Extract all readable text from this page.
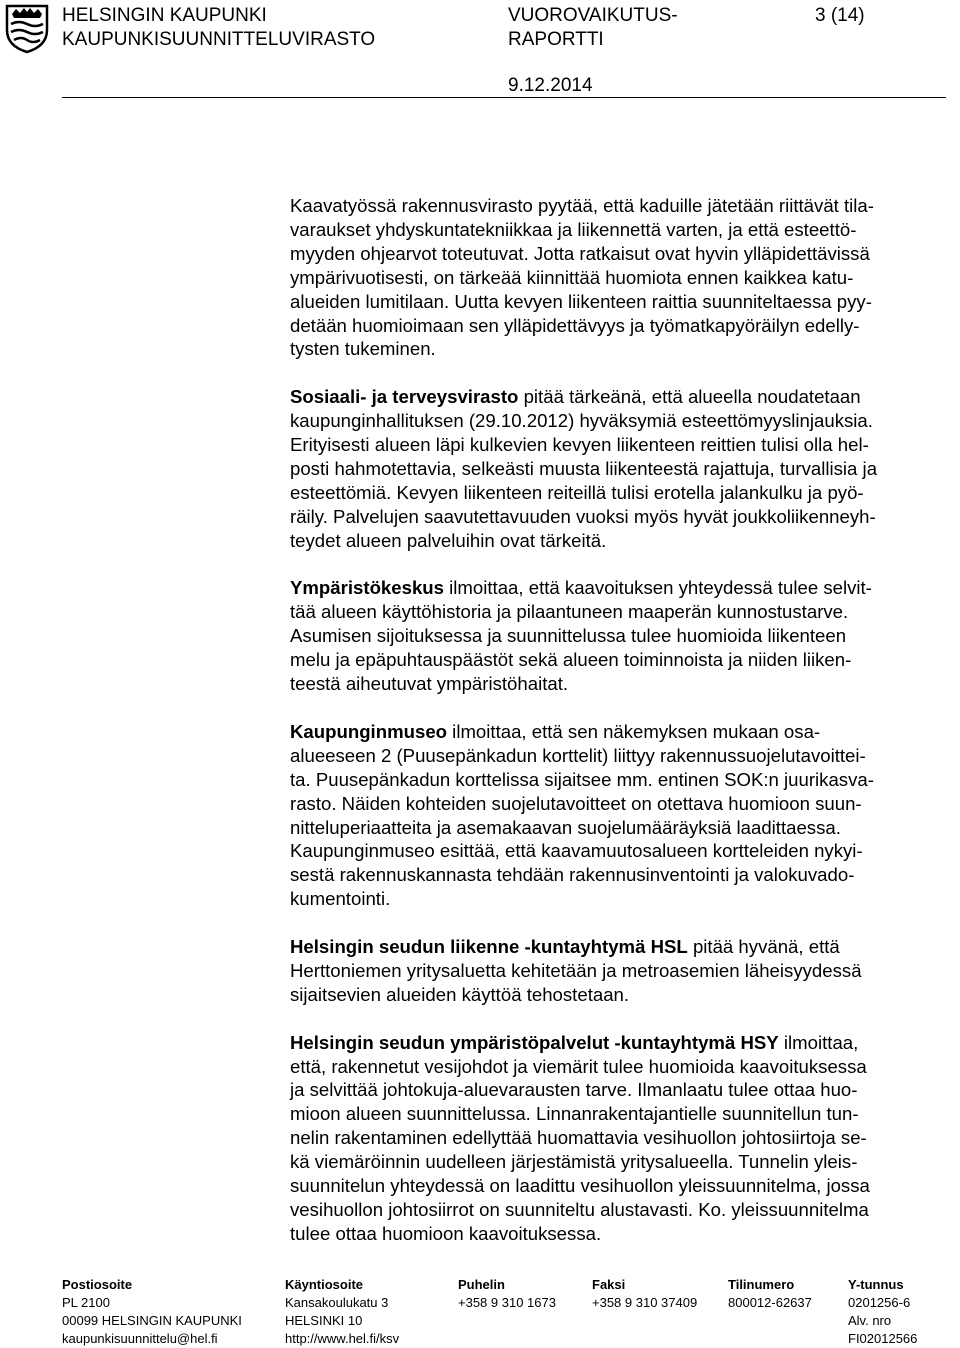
HELSINGIN KAUPUNKI
KAUPUNKISUUNNITTELUVIRASTO
VUOROVAIKUTUS-
RAPORTTI
3 (14)
9.12.2014

Kaavatyössä rakennusvirasto pyytää, että kaduille jätetään riittävät tila-
varaukset yhdyskuntatekniikkaa ja liikennettä varten, ja että esteettö-
myyden ohjearvot toteutuvat. Jotta ratkaisut ovat hyvin ylläpidettävissä
ympärivuotisesti, on tärkeää kiinnittää huomiota ennen kaikkea katu-
alueiden lumitilaan. Uutta kevyen liikenteen raittia suunniteltaessa pyy-
detään huomioimaan sen ylläpidettävyys ja työmatkapyöräilyn edelly-
tysten tukeminen.

Sosiaali- ja terveysvirasto pitää tärkeänä, että alueella noudatetaan
kaupunginhallituksen (29.10.2012) hyväksymiä esteettömyyslinjauksia.
Erityisesti alueen läpi kulkevien kevyen liikenteen reittien tulisi olla hel-
posti hahmotettavia, selkeästi muusta liikenteestä rajattuja, turvallisia ja
esteettömiä. Kevyen liikenteen reiteillä tulisi erotella jalankulku ja pyö-
räily. Palvelujen saavutettavuuden vuoksi myös hyvät joukkoliikenneyh-
teydet alueen palveluihin ovat tärkeitä.

Ympäristökeskus ilmoittaa, että kaavoituksen yhteydessä tulee selvit-
tää alueen käyttöhistoria ja pilaantuneen maaperän kunnostustarve.
Asumisen sijoituksessa ja suunnittelussa tulee huomioida liikenteen
melu ja epäpuhtauspäästöt sekä alueen toiminnoista ja niiden liiken-
teestä aiheutuvat ympäristöhaitat.

Kaupunginmuseo ilmoittaa, että sen näkemyksen mukaan osa-
alueeseen 2 (Puusepänkadun korttelit) liittyy rakennussuojelutavoittei-
ta. Puusepänkadun korttelissa sijaitsee mm. entinen SOK:n juurikasva-
rasto. Näiden kohteiden suojelutavoitteet on otettava huomioon suun-
nitteluperiaatteita ja asemakaavan suojelumääräyksiä laadittaessa.
Kaupunginmuseo esittää, että kaavamuutosalueen kortteleiden nykyi-
sestä rakennuskannasta tehdään rakennusinventointi ja valokuvado-
kumentointi.

Helsingin seudun liikenne -kuntayhtymä HSL pitää hyvänä, että
Herttoniemen yritysaluetta kehitetään ja metroasemien läheisyydessä
sijaitsevien alueiden käyttöä tehostetaan.

Helsingin seudun ympäristöpalvelut -kuntayhtymä HSY ilmoittaa,
että, rakennetut vesijohdot ja viemärit tulee huomioida kaavoituksessa
ja selvittää johtokuja-aluevarausten tarve. Ilmanlaatu tulee ottaa huo-
mioon alueen suunnittelussa. Linnanrakentajantielle suunnitellun tun-
nelin rakentaminen edellyttää huomattavia vesihuollon johtosiirtoja se-
kä viemäröinnin uudelleen järjestämistä yritysalueella. Tunnelin yleis-
suunnitelun yhteydessä on laadittu vesihuollon yleissuunnitelma, jossa
vesihuollon johtosiirrot on suunniteltu alustavasti. Ko. yleissuunnitelma
tulee ottaa huomioon kaavoituksessa.

Postiosoite
PL 2100
00099 HELSINGIN KAUPUNKI
kaupunkisuunnittelu@hel.fi
Käyntiosoite
Kansakoulukatu 3
HELSINKI 10
http://www.hel.fi/ksv
Puhelin
+358 9 310 1673
Faksi
+358 9 310 37409
Tilinumero
800012-62637
Y-tunnus
0201256-6
Alv. nro
FI02012566
